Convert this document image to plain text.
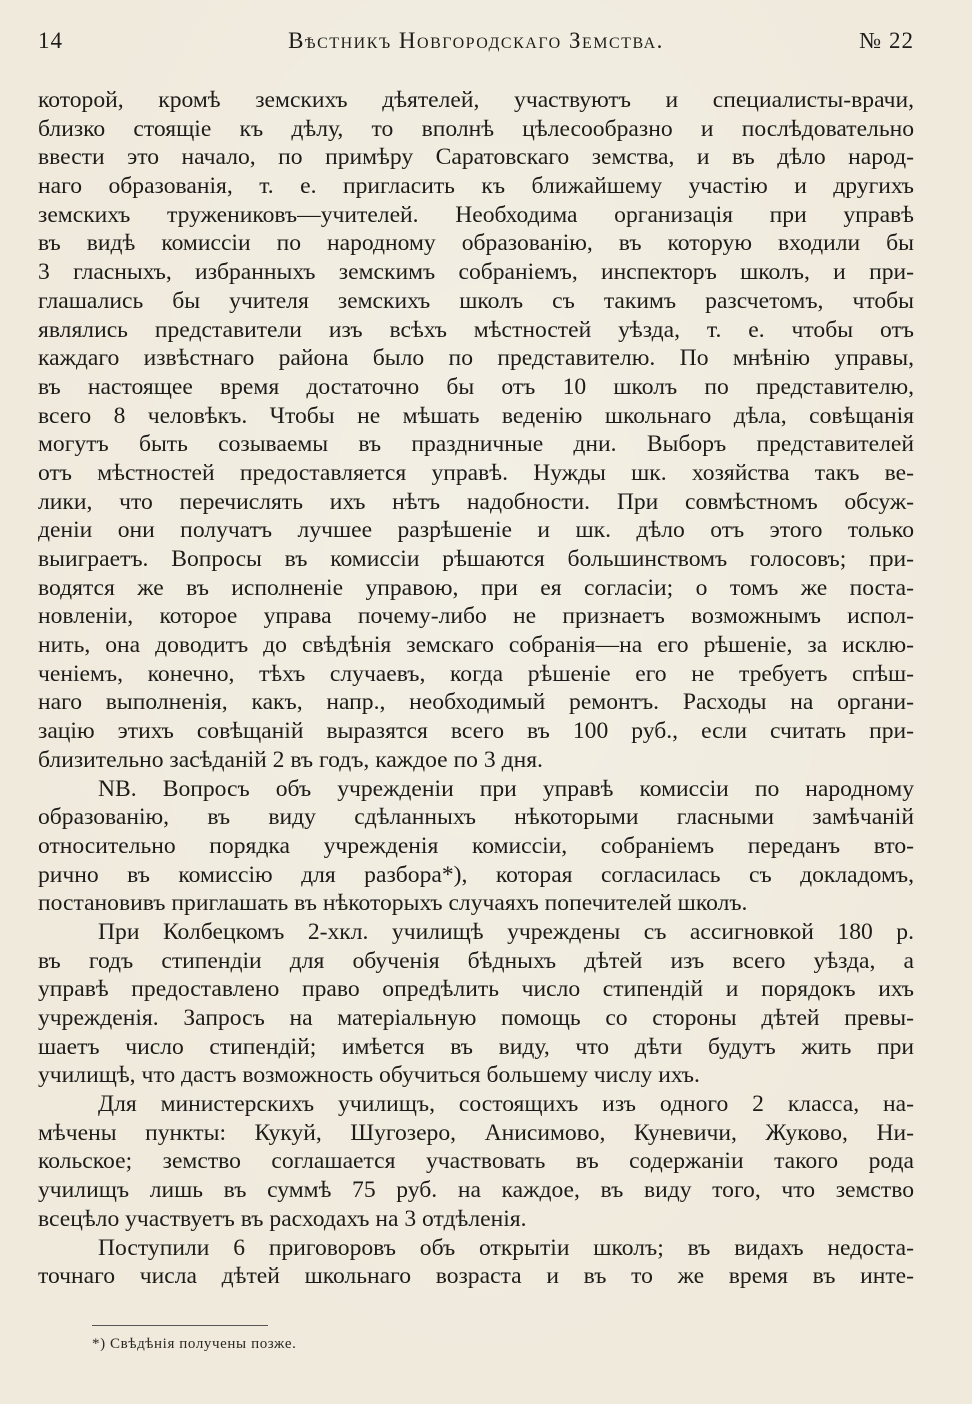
14	Вѣстникъ Новгородскаго Земства.	№ 22
которой, кромѣ земскихъ дѣятелей, участвуютъ и специалисты-врачи,
близко стоящіе къ дѣлу, то вполнѣ цѣлесообразно и послѣдовательно
ввести это начало, по примѣру Саратовскаго земства, и въ дѣло народ-
наго образованія, т. е. пригласить къ ближайшему участію и другихъ
земскихъ тружениковъ—учителей. Необходима организація при управѣ
въ видѣ комиссіи по народному образованію, въ которую входили бы
3 гласныхъ, избранныхъ земскимъ собраніемъ, инспекторъ школъ, и при-
глашались бы учителя земскихъ школъ съ такимъ разсчетомъ, чтобы
являлись представители изъ всѣхъ мѣстностей уѣзда, т. е. чтобы отъ
каждаго извѣстнаго района было по представителю. По мнѣнію управы,
въ настоящее время достаточно бы отъ 10 школъ по представителю,
всего 8 человѣкъ. Чтобы не мѣшать веденію школьнаго дѣла, совѣщанія
могутъ быть созываемы въ праздничные дни. Выборъ представителей
отъ мѣстностей предоставляется управѣ. Нужды шк. хозяйства такъ ве-
лики, что перечислять ихъ нѣтъ надобности. При совмѣстномъ обсуж-
деніи они получатъ лучшее разрѣшеніе и шк. дѣло отъ этого только
выиграетъ. Вопросы въ комиссіи рѣшаются большинствомъ голосовъ; при-
водятся же въ исполненіе управою, при ея согласіи; о томъ же поста-
новленіи, которое управа почему-либо не признаетъ возможнымъ испол-
нить, она доводитъ до свѣдѣнія земскаго собранія—на его рѣшеніе, за исклю-
ченіемъ, конечно, тѣхъ случаевъ, когда рѣшеніе его не требуетъ спѣш-
наго выполненія, какъ, напр., необходимый ремонтъ. Расходы на органи-
зацію этихъ совѣщаній выразятся всего въ 100 руб., если считать при-
близительно засѣданій 2 въ годъ, каждое по 3 дня.
NB. Вопросъ объ учрежденіи при управѣ комиссіи по народному
образованію, въ виду сдѣланныхъ нѣкоторыми гласными замѣчаній
относительно порядка учрежденія комиссіи, собраніемъ переданъ вто-
рично въ комиссію для разбора*), которая согласилась съ докладомъ,
постановивъ приглашать въ нѣкоторыхъ случаяхъ попечителей школъ.
При Колбецкомъ 2-хкл. училищѣ учреждены съ ассигновкой 180 р.
въ годъ стипендіи для обученія бѣдныхъ дѣтей изъ всего уѣзда, а
управѣ предоставлено право опредѣлить число стипендій и порядокъ ихъ
учрежденія. Запросъ на матеріальную помощь со стороны дѣтей превы-
шаетъ число стипендій; имѣется въ виду, что дѣти будутъ жить при
училищѣ, что дастъ возможность обучиться большему числу ихъ.
Для министерскихъ училищъ, состоящихъ изъ одного 2 класса, на-
мѣчены пункты: Кукуй, Шугозеро, Анисимово, Куневичи, Жуково, Ни-
кольское; земство соглашается участвовать въ содержаніи такого рода
училищъ лишь въ суммѣ 75 руб. на каждое, въ виду того, что земство
всецѣло участвуетъ въ расходахъ на 3 отдѣленія.
Поступили 6 приговоровъ объ открытіи школъ; въ видахъ недоста-
точнаго числа дѣтей школьнаго возраста и въ то же время въ инте-
*) Свѣдѣнія получены позже.
